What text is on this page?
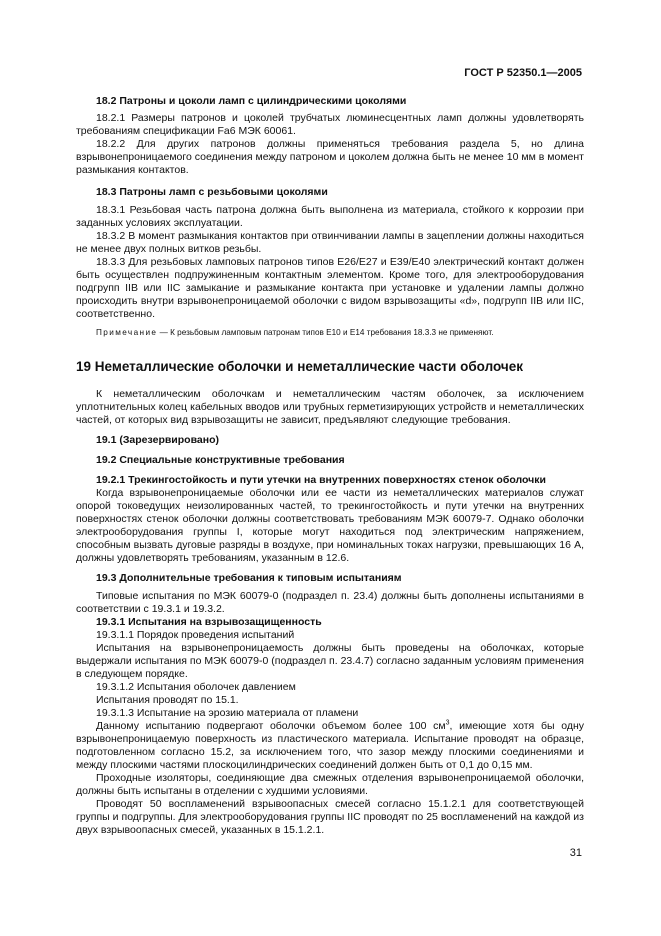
ГОСТ Р 52350.1—2005

18.2 Патроны и цоколи ламп с цилиндрическими цоколями

18.2.1 Размеры патронов и цоколей трубчатых люминесцентных ламп должны удовлетворять требованиям спецификации Fa6 МЭК 60061.

18.2.2 Для других патронов должны применяться требования раздела 5, но длина взрывонепроницаемого соединения между патроном и цоколем должна быть не менее 10 мм в момент размыкания контактов.

18.3 Патроны ламп с резьбовыми цоколями

18.3.1 Резьбовая часть патрона должна быть выполнена из материала, стойкого к коррозии при заданных условиях эксплуатации.

18.3.2 В момент размыкания контактов при отвинчивании лампы в зацеплении должны находиться не менее двух полных витков резьбы.

18.3.3 Для резьбовых ламповых патронов типов E26/E27 и E39/E40 электрический контакт должен быть осуществлен подпружиненным контактным элементом. Кроме того, для электрооборудования подгрупп IIB или IIC замыкание и размыкание контакта при установке и удалении лампы должно происходить внутри взрывонепроницаемой оболочки с видом взрывозащиты «d», подгрупп IIB или IIC, соответственно.

Примечание — К резьбовым ламповым патронам типов E10 и E14 требования 18.3.3 не применяют.

19 Неметаллические оболочки и неметаллические части оболочек

К неметаллическим оболочкам и неметаллическим частям оболочек, за исключением уплотнительных колец кабельных вводов или трубных герметизирующих устройств и неметаллических частей, от которых вид взрывозащиты не зависит, предъявляют следующие требования.

19.1 (Зарезервировано)

19.2 Специальные конструктивные требования

19.2.1 Трекингостойкость и пути утечки на внутренних поверхностях стенок оболочки

Когда взрывонепроницаемые оболочки или ее части из неметаллических материалов служат опорой токоведущих неизолированных частей, то трекингостойкость и пути утечки на внутренних поверхностях стенок оболочки должны соответствовать требованиям МЭК 60079-7. Однако оболочки электрооборудования группы I, которые могут находиться под электрическим напряжением, способным вызвать дуговые разряды в воздухе, при номинальных токах нагрузки, превышающих 16 А, должны удовлетворять требованиям, указанным в 12.6.

19.3 Дополнительные требования к типовым испытаниям

Типовые испытания по МЭК 60079-0 (подраздел п. 23.4) должны быть дополнены испытаниями в соответствии с 19.3.1 и 19.3.2.

19.3.1 Испытания на взрывозащищенность

19.3.1.1 Порядок проведения испытаний

Испытания на взрывонепроницаемость должны быть проведены на оболочках, которые выдержали испытания по МЭК 60079-0 (подраздел п. 23.4.7) согласно заданным условиям применения в следующем порядке.

19.3.1.2 Испытания оболочек давлением

Испытания проводят по 15.1.

19.3.1.3 Испытание на эрозию материала от пламени

Данному испытанию подвергают оболочки объемом более 100 $см^3$, имеющие хотя бы одну взрывонепроницаемую поверхность из пластического материала. Испытание проводят на образце, подготовленном согласно 15.2, за исключением того, что зазор между плоскими соединениями и между плоскими частями плоскоцилиндрических соединений должен быть от 0,1 до 0,15 мм.

Проходные изоляторы, соединяющие два смежных отделения взрывонепроницаемой оболочки, должны быть испытаны в отделении с худшими условиями.

Проводят 50 воспламенений взрывоопасных смесей согласно 15.1.2.1 для соответствующей группы и подгруппы. Для электрооборудования группы IIC проводят по 25 воспламенений на каждой из двух взрывоопасных смесей, указанных в 15.1.2.1.

31
